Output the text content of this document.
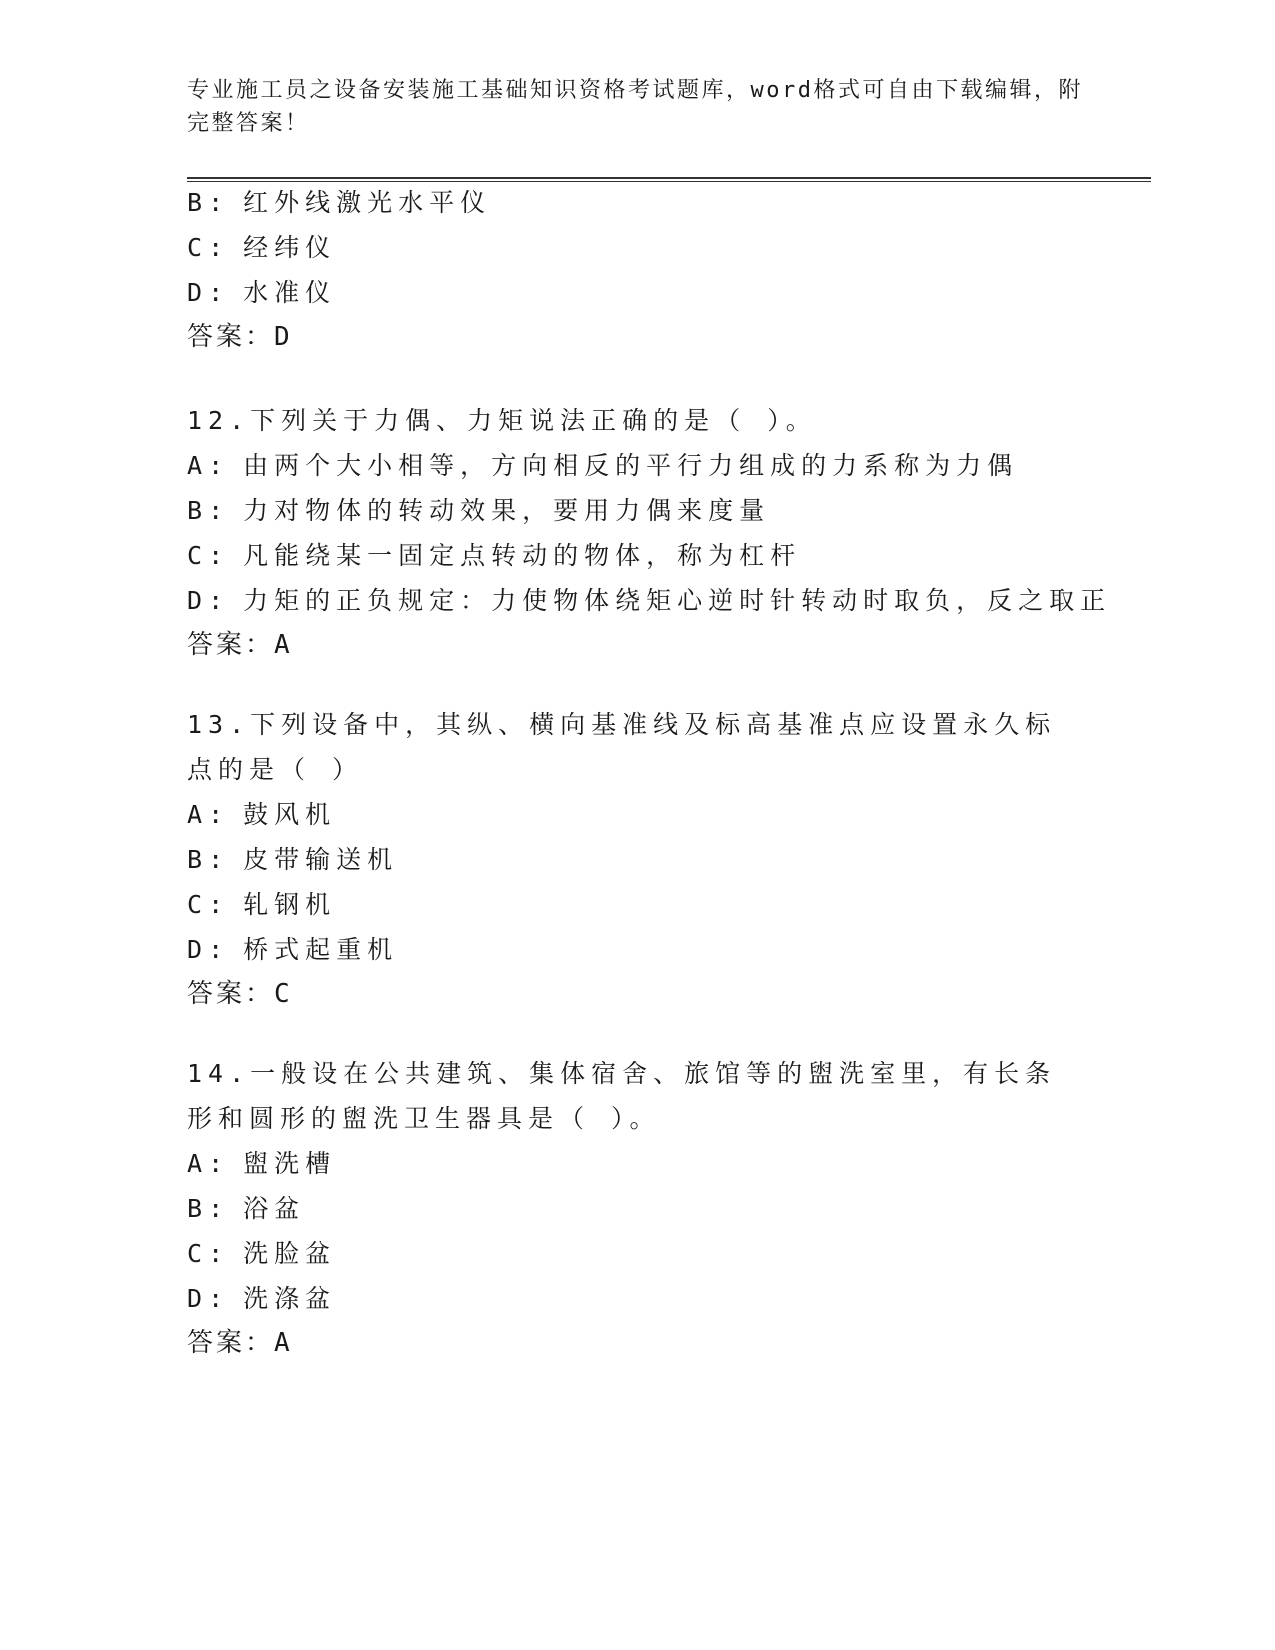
专业施工员之设备安装施工基础知识资格考试题库，word格式可自由下载编辑，附完整答案！

B: 红外线激光水平仪
C: 经纬仪
D: 水准仪
答案：D
12.下列关于力偶、力矩说法正确的是（ ）。
A: 由两个大小相等，方向相反的平行力组成的力系称为力偶
B: 力对物体的转动效果，要用力偶来度量
C: 凡能绕某一固定点转动的物体，称为杠杆
D: 力矩的正负规定：力使物体绕矩心逆时针转动时取负，反之取正
答案：A
13.下列设备中，其纵、横向基准线及标高基准点应设置永久标点的是（ ）
A: 鼓风机
B: 皮带输送机
C: 轧钢机
D: 桥式起重机
答案：C
14.一般设在公共建筑、集体宿舍、旅馆等的盥洗室里，有长条形和圆形的盥洗卫生器具是（ ）。
A: 盥洗槽
B: 浴盆
C: 洗脸盆
D: 洗涤盆
答案：A
